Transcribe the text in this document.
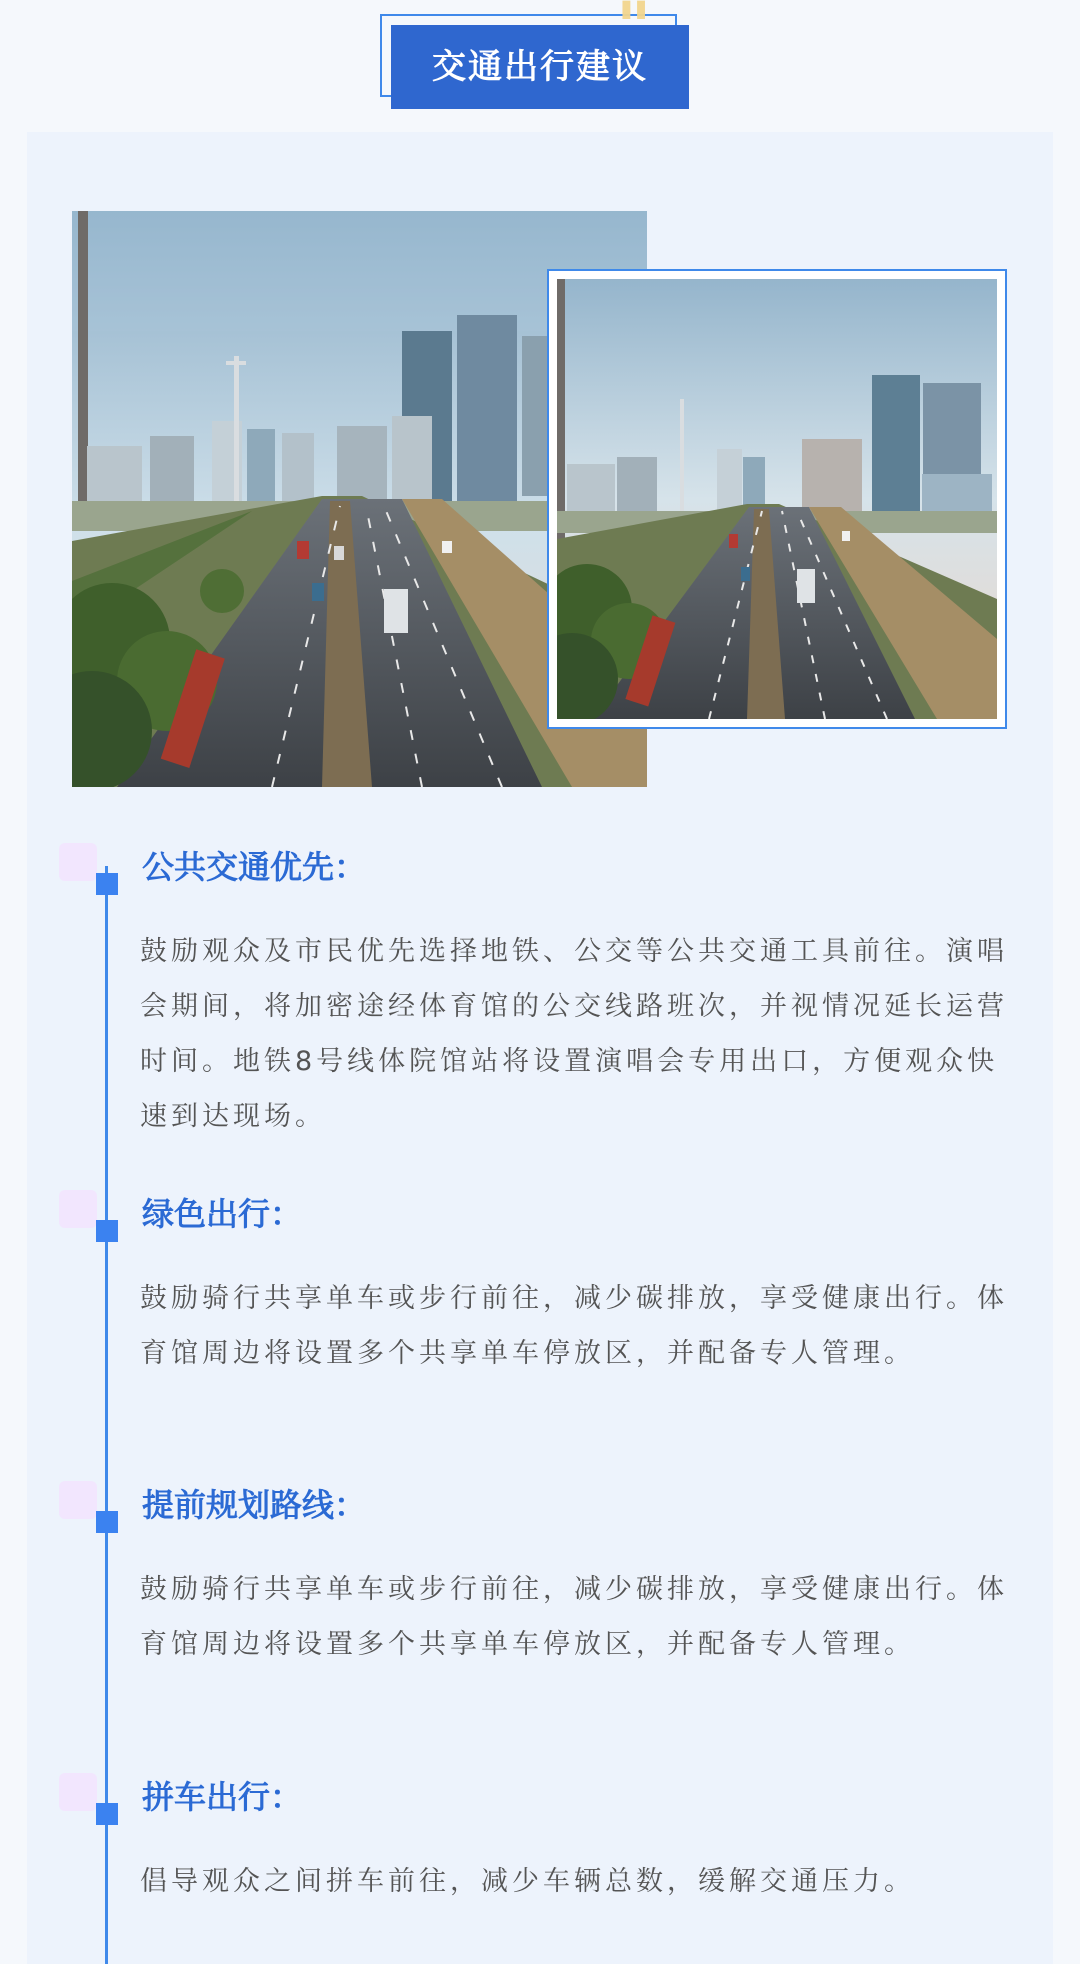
交通出行建议
"
公共交通优先：

鼓励观众及市民优先选择地铁、公交等公共交通工具前往。演唱会期间，将加密途经体育馆的公交线路班次，并视情况延长运营时间。地铁8号线体院馆站将设置演唱会专用出口，方便观众快速到达现场。

绿色出行：

鼓励骑行共享单车或步行前往，减少碳排放，享受健康出行。体育馆周边将设置多个共享单车停放区，并配备专人管理。

提前规划路线：

鼓励骑行共享单车或步行前往，减少碳排放，享受健康出行。体育馆周边将设置多个共享单车停放区，并配备专人管理。

拼车出行：

倡导观众之间拼车前往，减少车辆总数，缓解交通压力。
